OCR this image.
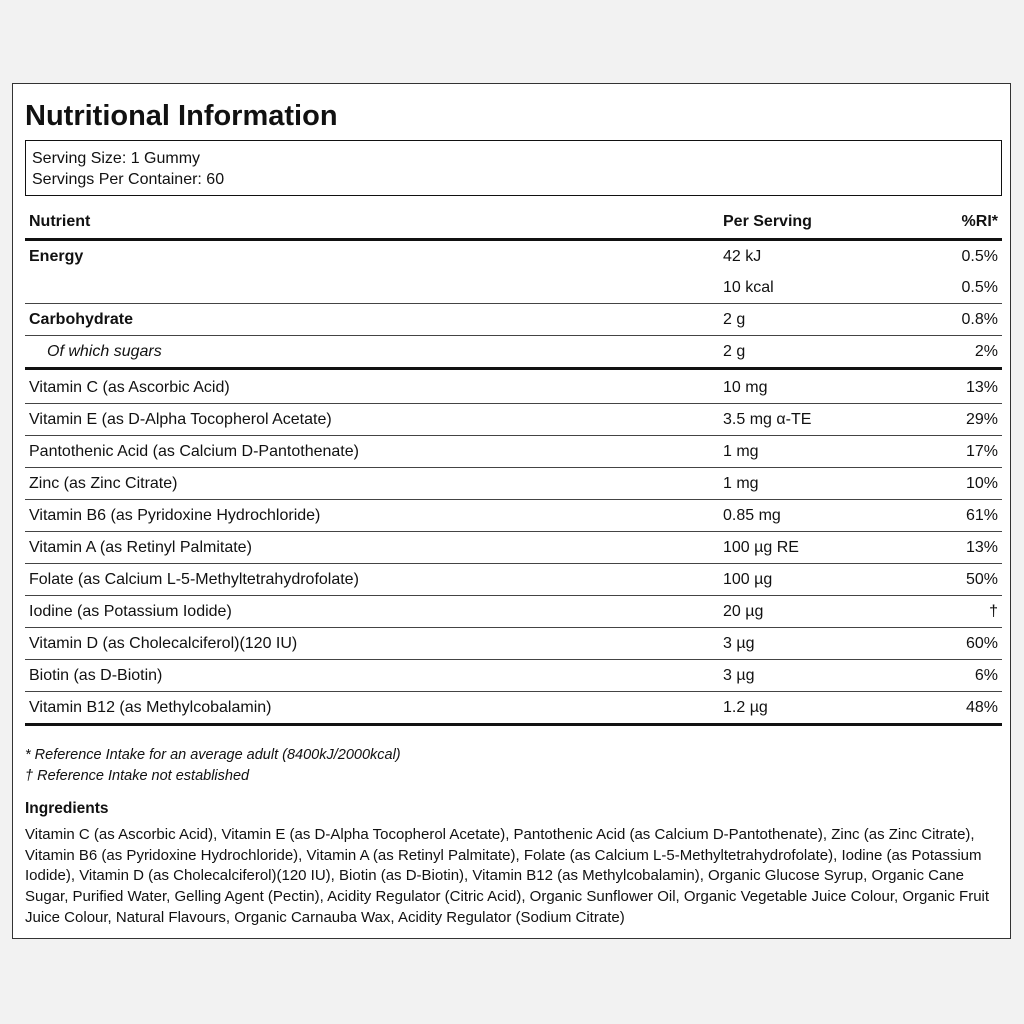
Nutritional Information
Serving Size: 1 Gummy
Servings Per Container: 60
Nutrient	Per Serving	%RI*
Energy	42 kJ	0.5%
	10 kcal	0.5%
Carbohydrate	2 g	0.8%
Of which sugars	2 g	2%
Vitamin C (as Ascorbic Acid)	10 mg	13%
Vitamin E (as D-Alpha Tocopherol Acetate)	3.5 mg α-TE	29%
Pantothenic Acid (as Calcium D-Pantothenate)	1 mg	17%
Zinc (as Zinc Citrate)	1 mg	10%
Vitamin B6 (as Pyridoxine Hydrochloride)	0.85 mg	61%
Vitamin A (as Retinyl Palmitate)	100 µg RE	13%
Folate (as Calcium L-5-Methyltetrahydrofolate)	100 µg	50%
Iodine (as Potassium Iodide)	20 µg	†
Vitamin D (as Cholecalciferol)(120 IU)	3 µg	60%
Biotin (as D-Biotin)	3 µg	6%
Vitamin B12 (as Methylcobalamin)	1.2 µg	48%
* Reference Intake for an average adult (8400kJ/2000kcal)
† Reference Intake not established
Ingredients
Vitamin C (as Ascorbic Acid), Vitamin E (as D-Alpha Tocopherol Acetate), Pantothenic Acid (as Calcium D-Pantothenate), Zinc (as Zinc Citrate), Vitamin B6 (as Pyridoxine Hydrochloride), Vitamin A (as Retinyl Palmitate), Folate (as Calcium L-5-Methyltetrahydrofolate), Iodine (as Potassium Iodide), Vitamin D (as Cholecalciferol)(120 IU), Biotin (as D-Biotin), Vitamin B12 (as Methylcobalamin), Organic Glucose Syrup, Organic Cane Sugar, Purified Water, Gelling Agent (Pectin), Acidity Regulator (Citric Acid), Organic Sunflower Oil, Organic Vegetable Juice Colour, Organic Fruit Juice Colour, Natural Flavours, Organic Carnauba Wax, Acidity Regulator (Sodium Citrate)
